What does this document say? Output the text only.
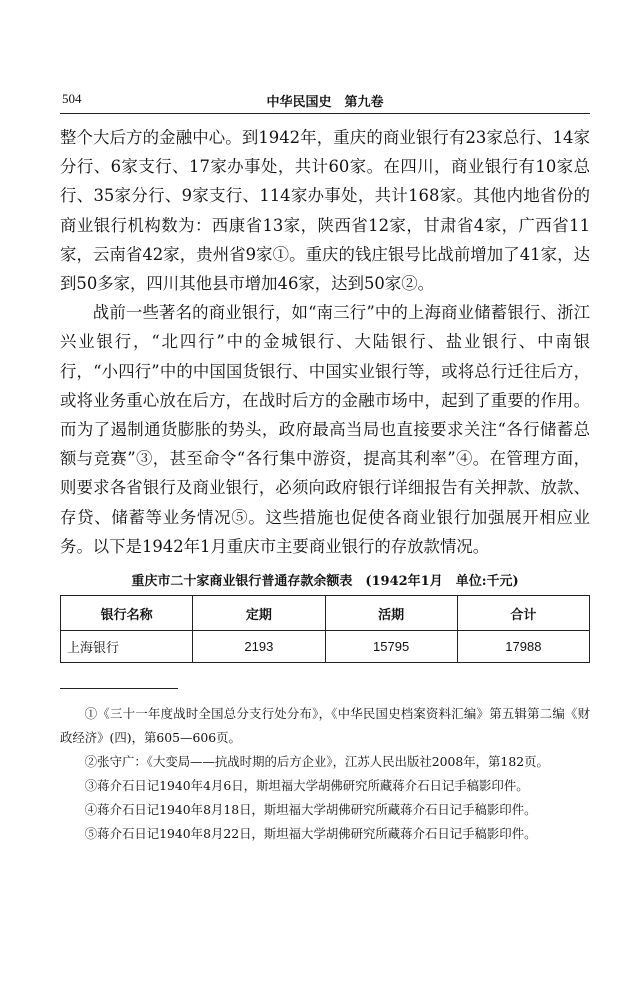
504	中华民国史　第九卷

整个大后方的金融中心。到1942年，重庆的商业银行有23家总行、14家分行、6家支行、17家办事处，共计60家。在四川，商业银行有10家总行、35家分行、9家支行、114家办事处，共计168家。其他内地省份的商业银行机构数为：西康省13家，陕西省12家，甘肃省4家，广西省11家，云南省42家，贵州省9家①。重庆的钱庄银号比战前增加了41家，达到50多家，四川其他县市增加46家，达到50家②。

战前一些著名的商业银行，如“南三行”中的上海商业储蓄银行、浙江兴业银行，“北四行”中的金城银行、大陆银行、盐业银行、中南银行，“小四行”中的中国国货银行、中国实业银行等，或将总行迁往后方，或将业务重心放在后方，在战时后方的金融市场中，起到了重要的作用。而为了遏制通货膨胀的势头，政府最高当局也直接要求关注“各行储蓄总额与竞赛”③，甚至命令“各行集中游资，提高其利率”④。在管理方面，则要求各省银行及商业银行，必须向政府银行详细报告有关押款、放款、存贷、储蓄等业务情况⑤。这些措施也促使各商业银行加强展开相应业务。以下是1942年1月重庆市主要商业银行的存放款情况。

重庆市二十家商业银行普通存款余额表　(1942年1月　单位:千元)
银行名称	定期	活期	合计
上海银行	2193	15795	17988

①《三十一年度战时全国总分支行处分布》，《中华民国史档案资料汇编》第五辑第二编《财政经济》(四)，第605—606页。

②张守广：《大变局——抗战时期的后方企业》，江苏人民出版社2008年，第182页。

③蒋介石日记1940年4月6日，斯坦福大学胡佛研究所藏蒋介石日记手稿影印件。

④蒋介石日记1940年8月18日，斯坦福大学胡佛研究所藏蒋介石日记手稿影印件。

⑤蒋介石日记1940年8月22日，斯坦福大学胡佛研究所藏蒋介石日记手稿影印件。
